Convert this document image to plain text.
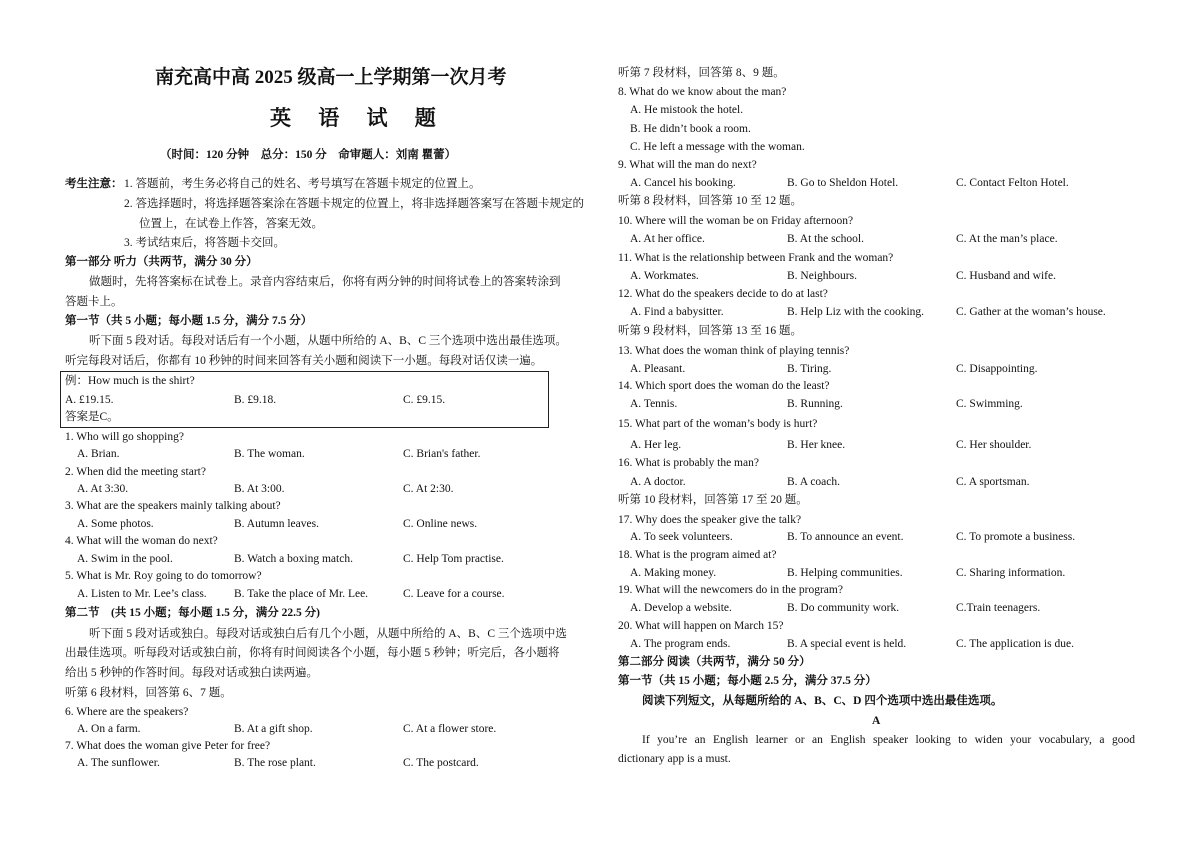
南充高中高 2025 级高一上学期第一次月考
英 语 试 题
（时间：120 分钟　总分：150 分　命审题人：刘南 瞿蕾）
考生注意： 1. 答题前，考生务必将自己的姓名、考号填写在答题卡规定的位置上。
2. 答选择题时，将选择题答案涂在答题卡规定的位置上，将非选择题答案写在答题卡规定的
位置上，在试卷上作答，答案无效。
3. 考试结束后，将答题卡交回。
第一部分 听力（共两节，满分 30 分）
做题时，先将答案标在试卷上。录音内容结束后，你将有两分钟的时间将试卷上的答案转涂到
答题卡上。
第一节（共 5 小题；每小题 1.5 分，满分 7.5 分）
听下面 5 段对话。每段对话后有一个小题，从题中所给的 A、B、C 三个选项中选出最佳选项。
听完每段对话后，你都有 10 秒钟的时间来回答有关小题和阅读下一小题。每段对话仅读一遍。
例：How much is the shirt?
A. £19.15.	B. £9.18.	C. £9.15.
答案是C。
1. Who will go shopping?
A. Brian.	B. The woman.	C. Brian's father.
2. When did the meeting start?
A. At 3:30.	B. At 3:00.	C. At 2:30.
3. What are the speakers mainly talking about?
A. Some photos.	B. Autumn leaves.	C. Online news.
4. What will the woman do next?
A. Swim in the pool.	B. Watch a boxing match.	C. Help Tom practise.
5. What is Mr. Roy going to do tomorrow?
A. Listen to Mr. Lee’s class. B. Take the place of Mr. Lee.	C. Leave for a course.
第二节　(共 15 小题；每小题 1.5 分，满分 22.5 分)
听下面 5 段对话或独白。每段对话或独白后有几个小题，从题中所给的 A、B、C 三个选项中选
出最佳选项。听每段对话或独白前，你将有时间阅读各个小题，每小题 5 秒钟；听完后，各小题将
给出 5 秒钟的作答时间。每段对话或独白读两遍。
听第 6 段材料，回答第 6、7 题。
6. Where are the speakers?
A. On a farm.	B. At a gift shop.	C. At a flower store.
7. What does the woman give Peter for free?
A. The sunflower.	B. The rose plant.	C. The postcard.
听第 7 段材料，回答第 8、9 题。
8. What do we know about the man?
A. He mistook the hotel.
B. He didn’t book a room.
C. He left a message with the woman.
9. What will the man do next?
A. Cancel his booking.	B. Go to Sheldon Hotel.	C. Contact Felton Hotel.
听第 8 段材料，回答第 10 至 12 题。
10. Where will the woman be on Friday afternoon?
A. At her office.	B. At the school.	C. At the man’s place.
11. What is the relationship between Frank and the woman?
A. Workmates.	B. Neighbours.	C. Husband and wife.
12. What do the speakers decide to do at last?
A. Find a babysitter.	B. Help Liz with the cooking.	C. Gather at the woman’s house.
听第 9 段材料，回答第 13 至 16 题。
13. What does the woman think of playing tennis?
A. Pleasant.	B. Tiring.	C. Disappointing.
14. Which sport does the woman do the least?
A. Tennis.	B. Running.	C. Swimming.
15. What part of the woman’s body is hurt?
A. Her leg.	B. Her knee.	C. Her shoulder.
16. What is probably the man?
A. A doctor.	B. A coach.	C. A sportsman.
听第 10 段材料，回答第 17 至 20 题。
17. Why does the speaker give the talk?
A. To seek volunteers.	B. To announce an event.	C. To promote a business.
18. What is the program aimed at?
A. Making money.	B. Helping communities.	C. Sharing information.
19. What will the newcomers do in the program?
A. Develop a website.	B. Do community work.	C.Train teenagers.
20. What will happen on March 15?
A. The program ends.	B. A special event is held.	C. The application is due.
第二部分 阅读（共两节，满分 50 分）
第一节（共 15 小题；每小题 2.5 分，满分 37.5 分）
阅读下列短文，从每题所给的 A、B、C、D 四个选项中选出最佳选项。
A
If you’re an English learner or an English speaker looking to widen your vocabulary, a good
dictionary app is a must.
